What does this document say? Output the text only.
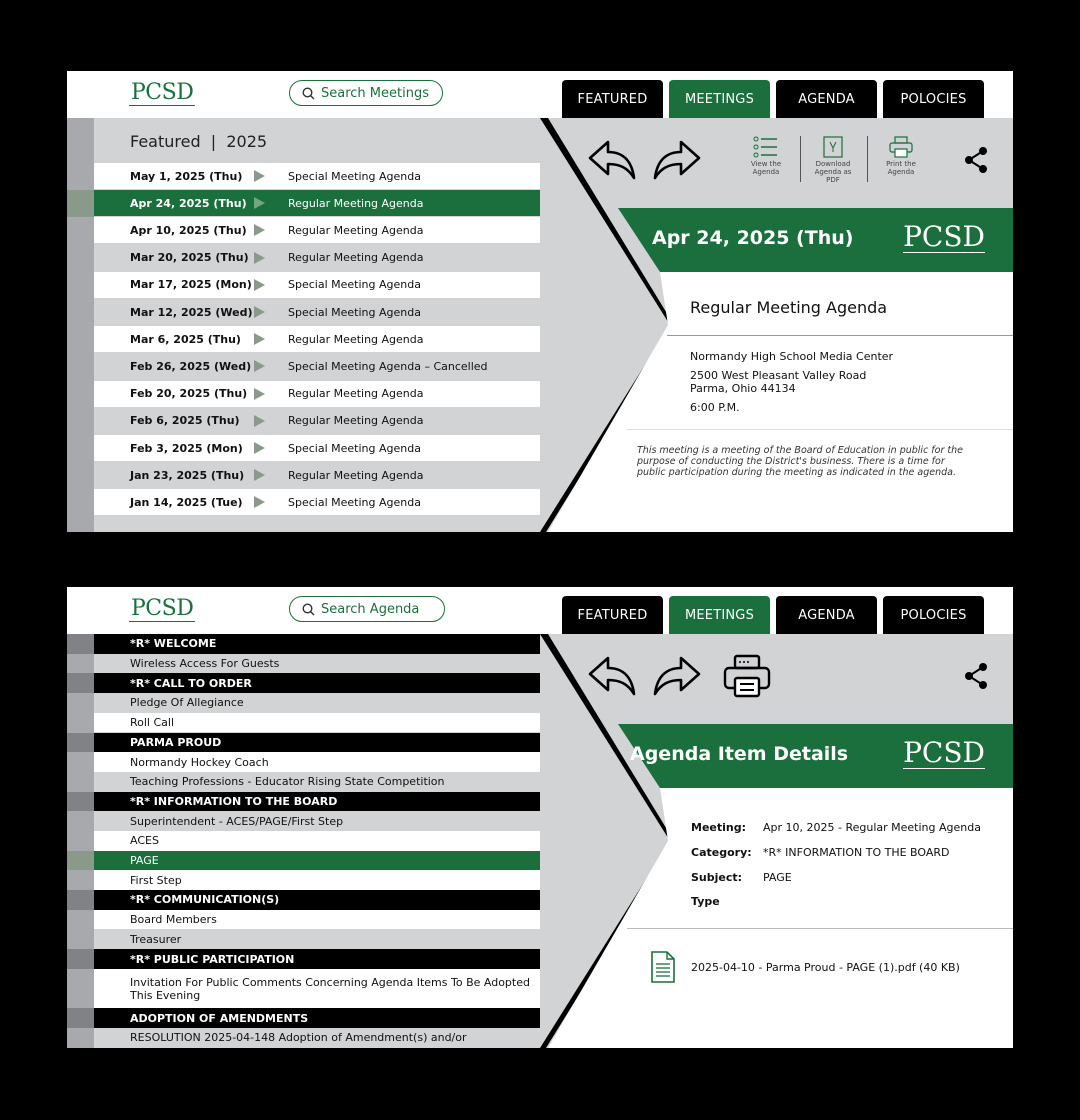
PCSD	Search Meetings	FEATURED	MEETINGS	AGENDA	POLOCIES
Featured  |  2025
May 1, 2025 (Thu)	Special Meeting Agenda
Apr 24, 2025 (Thu)	Regular Meeting Agenda
Apr 10, 2025 (Thu)	Regular Meeting Agenda
Mar 20, 2025 (Thu)	Regular Meeting Agenda
Mar 17, 2025 (Mon)	Special Meeting Agenda
Mar 12, 2025 (Wed)	Special Meeting Agenda
Mar 6, 2025 (Thu)	Regular Meeting Agenda
Feb 26, 2025 (Wed)	Special Meeting Agenda – Cancelled
Feb 20, 2025 (Thu)	Regular Meeting Agenda
Feb 6, 2025 (Thu)	Regular Meeting Agenda
Feb 3, 2025 (Mon)	Special Meeting Agenda
Jan 23, 2025 (Thu)	Regular Meeting Agenda
Jan 14, 2025 (Tue)	Special Meeting Agenda
View the Agenda
Download Agenda as PDF
Print the Agenda
Apr 24, 2025 (Thu) PCSD
Regular Meeting Agenda
Normandy High School Media Center
2500 West Pleasant Valley Road
Parma, Ohio 44134
6:00 P.M.
This meeting is a meeting of the Board of Education in public for the purpose of conducting the District's business. There is a time for public participation during the meeting as indicated in the agenda.
PCSD	Search Agenda	FEATURED	MEETINGS	AGENDA	POLOCIES
*R* WELCOME
Wireless Access For Guests
*R* CALL TO ORDER
Pledge Of Allegiance
Roll Call
PARMA PROUD
Normandy Hockey Coach
Teaching Professions - Educator Rising State Competition
*R* INFORMATION TO THE BOARD
Superintendent - ACES/PAGE/First Step
ACES
PAGE
First Step
*R* COMMUNICATION(S)
Board Members
Treasurer
*R* PUBLIC PARTICIPATION
Invitation For Public Comments Concerning Agenda Items To Be Adopted This Evening
ADOPTION OF AMENDMENTS
RESOLUTION 2025-04-148 Adoption of Amendment(s) and/or
Agenda Item Details PCSD
Meeting: Apr 10, 2025 - Regular Meeting Agenda
Category: *R* INFORMATION TO THE BOARD
Subject: PAGE
Type
2025-04-10 - Parma Proud - PAGE (1).pdf (40 KB)
